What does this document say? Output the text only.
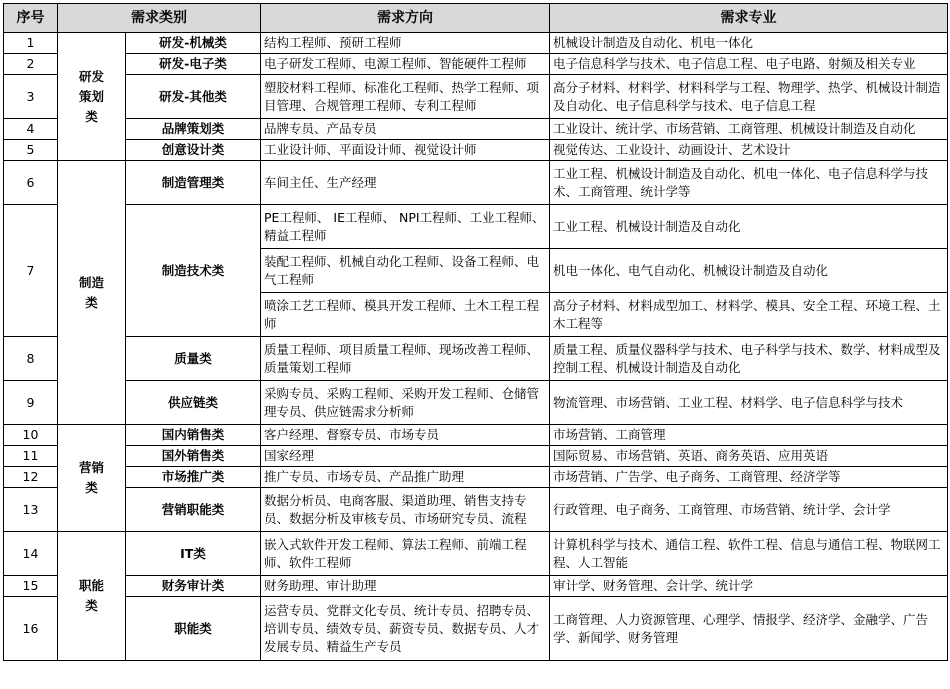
序号	需求类别		需求方向	需求专业
1	研发策划类	研发-机械类	结构工程师、预研工程师	机械设计制造及自动化、机电一体化
2		研发-电子类	电子研发工程师、电源工程师、智能硬件工程师	电子信息科学与技术、电子信息工程、电子电路、射频及相关专业
3		研发-其他类	塑胶材料工程师、标准化工程师、热学工程师、项目管理、合规管理工程师、专利工程师	高分子材料、材料学、材料科学与工程、物理学、热学、机械设计制造及自动化、电子信息科学与技术、电子信息工程
4		品牌策划类	品牌专员、产品专员	工业设计、统计学、市场营销、工商管理、机械设计制造及自动化
5		创意设计类	工业设计师、平面设计师、视觉设计师	视觉传达、工业设计、动画设计、艺术设计
6	制造类	制造管理类	车间主任、生产经理	工业工程、机械设计制造及自动化、机电一体化、电子信息科学与技术、工商管理、统计学等
7		制造技术类	PE工程师、 IE工程师、 NPI工程师、工业工程师、精益工程师	工业工程、机械设计制造及自动化
			装配工程师、机械自动化工程师、设备工程师、电气工程师	机电一体化、电气自动化、机械设计制造及自动化
			喷涂工艺工程师、模具开发工程师、土木工程工程师	高分子材料、材料成型加工、材料学、模具、安全工程、环境工程、土木工程等
8		质量类	质量工程师、项目质量工程师、现场改善工程师、质量策划工程师	质量工程、质量仪器科学与技术、电子科学与技术、数学、材料成型及控制工程、机械设计制造及自动化
9		供应链类	采购专员、采购工程师、采购开发工程师、仓储管理专员、供应链需求分析师	物流管理、市场营销、工业工程、材料学、电子信息科学与技术
10	营销类	国内销售类	客户经理、督察专员、市场专员	市场营销、工商管理
11		国外销售类	国家经理	国际贸易、市场营销、英语、商务英语、应用英语
12		市场推广类	推广专员、市场专员、产品推广助理	市场营销、广告学、电子商务、工商管理、经济学等
13		营销职能类	数据分析员、电商客服、渠道助理、销售支持专员、数据分析及审核专员、市场研究专员、流程	行政管理、电子商务、工商管理、市场营销、统计学、会计学
14	职能类	IT类	嵌入式软件开发工程师、算法工程师、前端工程师、软件工程师	计算机科学与技术、通信工程、软件工程、信息与通信工程、物联网工程、人工智能
15		财务审计类	财务助理、审计助理	审计学、财务管理、会计学、统计学
16		职能类	运营专员、党群文化专员、统计专员、招聘专员、培训专员、绩效专员、薪资专员、数据专员、人才发展专员、精益生产专员	工商管理、人力资源管理、心理学、情报学、经济学、金融学、广告学、新闻学、财务管理
